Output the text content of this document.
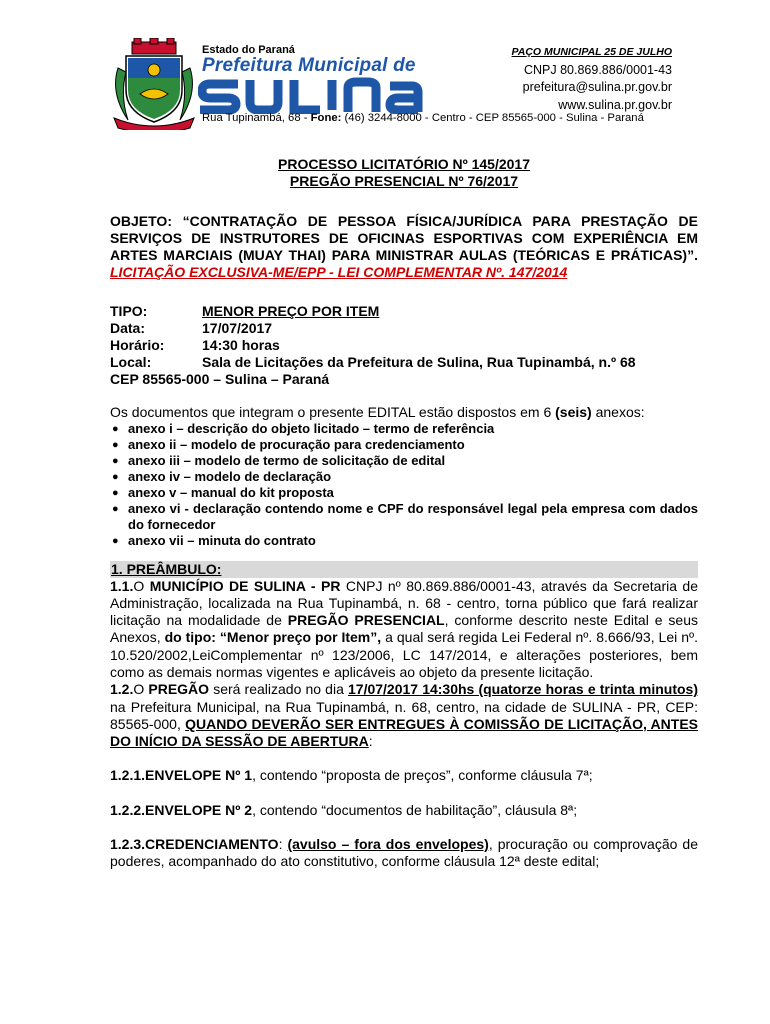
Estado do Paraná
Prefeitura Municipal de
PAÇO MUNICIPAL 25 DE JULHO
CNPJ 80.869.886/0001-43
prefeitura@sulina.pr.gov.br
www.sulina.pr.gov.br
Rua Tupinambá, 68 - Fone: (46) 3244-8000 - Centro - CEP 85565-000 - Sulina - Paraná
PROCESSO LICITATÓRIO Nº 145/2017
PREGÃO PRESENCIAL Nº 76/2017
OBJETO: “CONTRATAÇÃO DE PESSOA FÍSICA/JURÍDICA PARA PRESTAÇÃO DE SERVIÇOS DE INSTRUTORES DE OFICINAS ESPORTIVAS COM EXPERIÊNCIA EM ARTES MARCIAIS (MUAY THAI) PARA MINISTRAR AULAS (TEÓRICAS E PRÁTICAS)”. LICITAÇÃO EXCLUSIVA-ME/EPP - LEI COMPLEMENTAR Nº. 147/2014
TIPO:	MENOR PREÇO POR ITEM
Data:	17/07/2017
Horário:	14:30 horas
Local:	Sala de Licitações da Prefeitura de Sulina, Rua Tupinambá, n.º 68
CEP 85565-000 – Sulina – Paraná
Os documentos que integram o presente EDITAL estão dispostos em 6 (seis) anexos:
● anexo i – descrição do objeto licitado – termo de referência
● anexo ii – modelo de procuração para credenciamento
● anexo iii – modelo de termo de solicitação de edital
● anexo iv – modelo de declaração
● anexo v – manual do kit proposta
● anexo vi - declaração contendo nome e CPF do responsável legal pela empresa com dados do fornecedor
● anexo vii – minuta do contrato
1. PREÂMBULO:
1.1.O MUNICÍPIO DE SULINA - PR CNPJ nº 80.869.886/0001-43, através da Secretaria de Administração, localizada na Rua Tupinambá, n. 68 - centro, torna público que fará realizar licitação na modalidade de PREGÃO PRESENCIAL, conforme descrito neste Edital e seus Anexos, do tipo: “Menor preço por Item”, a qual será regida Lei Federal nº. 8.666/93, Lei nº. 10.520/2002,LeiComplementar nº 123/2006, LC 147/2014, e alterações posteriores, bem como as demais normas vigentes e aplicáveis ao objeto da presente licitação.
1.2.O PREGÃO será realizado no dia 17/07/2017 14:30hs (quatorze horas e trinta minutos) na Prefeitura Municipal, na Rua Tupinambá, n. 68, centro, na cidade de SULINA - PR, CEP: 85565-000, QUANDO DEVERÃO SER ENTREGUES À COMISSÃO DE LICITAÇÃO, ANTES DO INÍCIO DA SESSÃO DE ABERTURA:
1.2.1.ENVELOPE Nº 1, contendo “proposta de preços”, conforme cláusula 7ª;
1.2.2.ENVELOPE Nº 2, contendo “documentos de habilitação”, cláusula 8ª;
1.2.3.CREDENCIAMENTO: (avulso – fora dos envelopes), procuração ou comprovação de poderes, acompanhado do ato constitutivo, conforme cláusula 12ª deste edital;
